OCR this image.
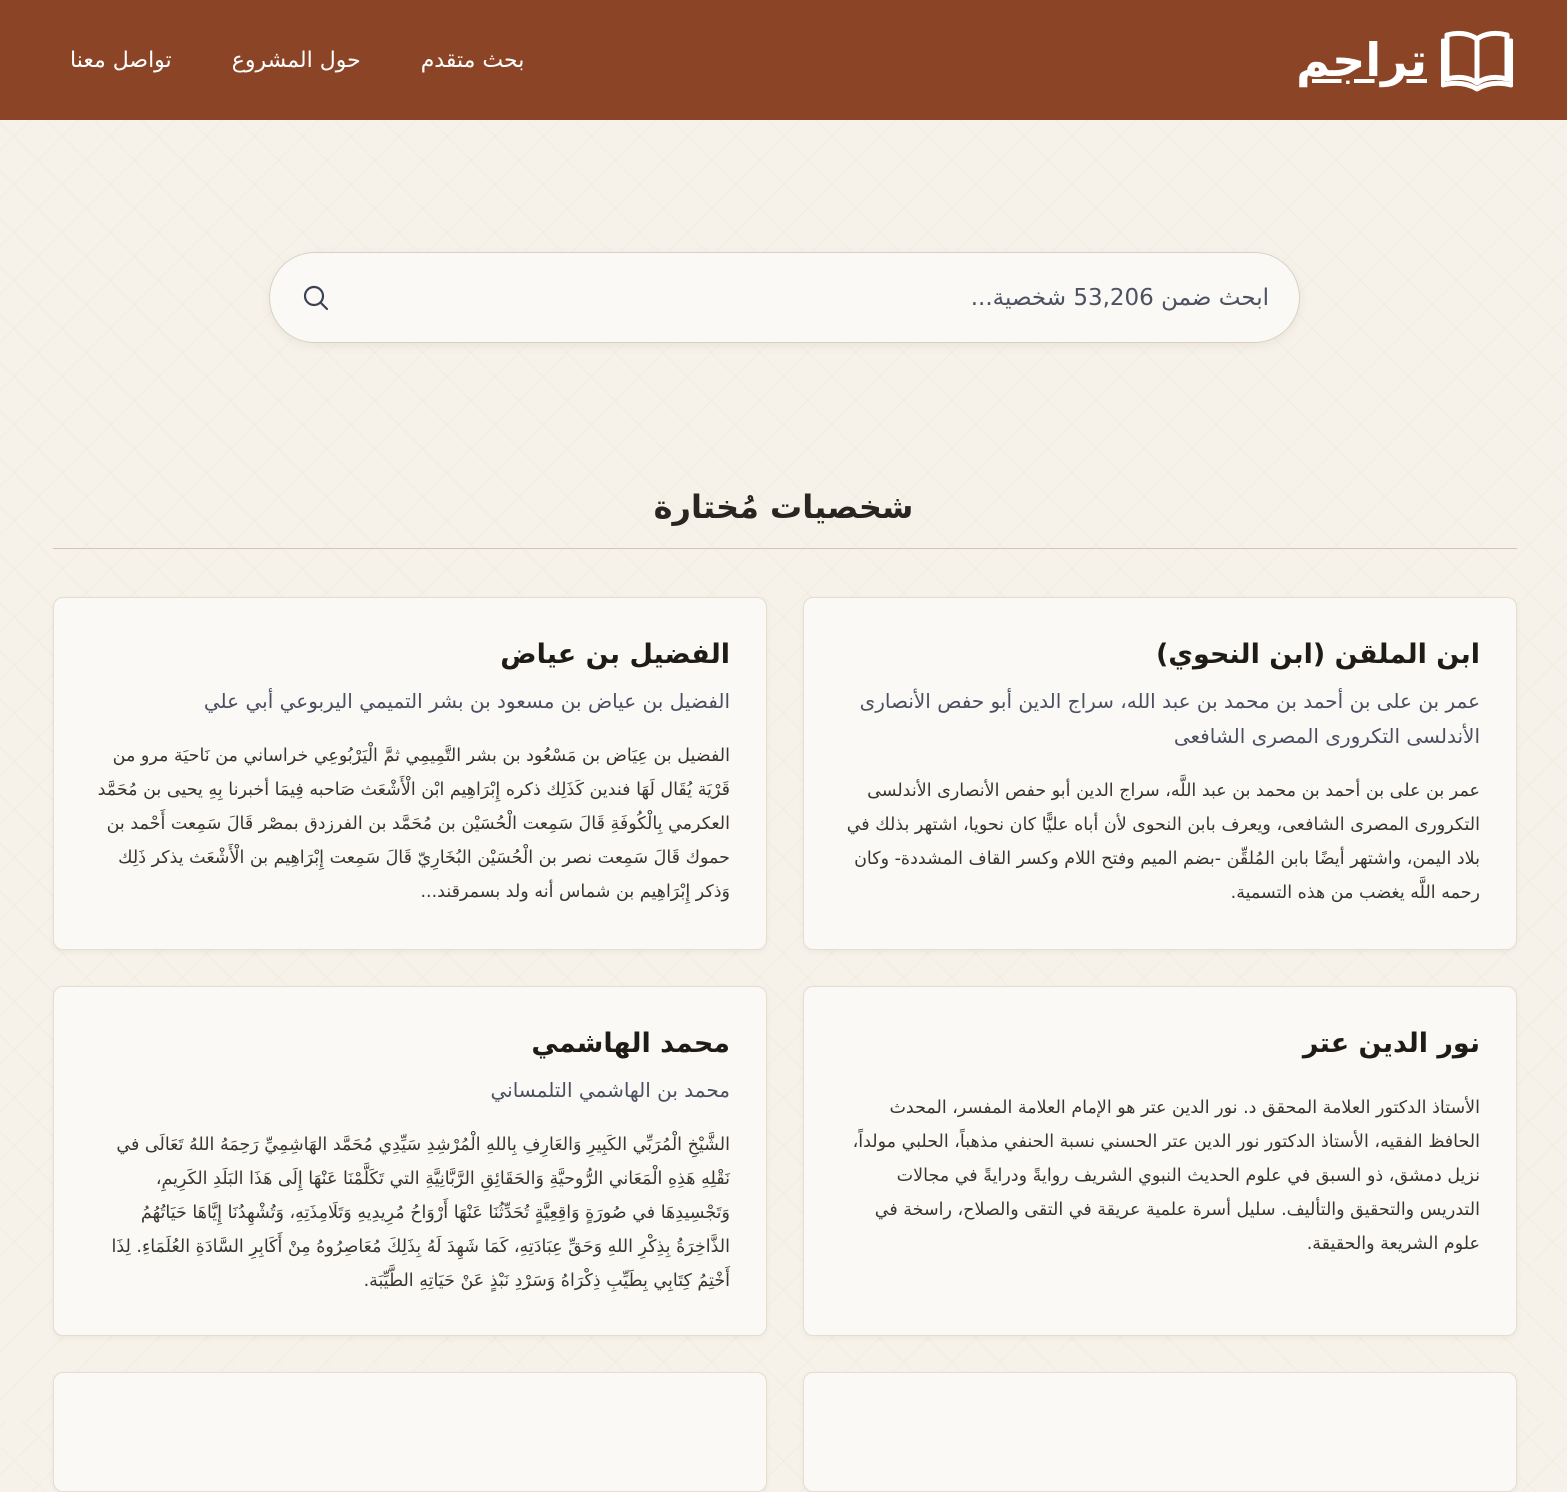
تراجم
بحث متقدم
حول المشروع
تواصل معنا
ابحث ضمن 53,206 شخصية...
شخصيات مُختارة
ابن الملقن (ابن النحوي)

عمر بن على بن أحمد بن محمد بن عبد الله، سراج الدين أبو حفص الأنصارى الأندلسى التكرورى المصرى الشافعى

عمر بن على بن أحمد بن محمد بن عبد اللَّه، سراج الدين أبو حفص الأنصارى الأندلسى التكرورى المصرى الشافعى، ويعرف بابن النحوى لأن أباه عليًّا كان نحويا، اشتهر بذلك في بلاد اليمن، واشتهر أيضًا بابن المُلقِّن -بضم الميم وفتح اللام وكسر القاف المشددة- وكان رحمه اللَّه يغضب من هذه التسمية.

الفضيل بن عياض

الفضيل بن عياض بن مسعود بن بشر التميمي اليربوعي أبي علي

الفضيل بن عِيَاض بن مَسْعُود بن بشر التَّمِيمِي ثمَّ الْيَرْبُوعِي خراساني من نَاحيَة مرو من قَرْيَة يُقَال لَهَا فندين كَذَلِك ذكره إِبْرَاهِيم ابْن الْأَشْعَث صَاحبه فِيمَا أخبرنا بِهِ يحيى بن مُحَمَّد العكرمي بِالْكُوفَةِ قَالَ سَمِعت الْحُسَيْن بن مُحَمَّد بن الفرزدق بمصْر قَالَ سَمِعت أَحْمد بن حموك قَالَ سَمِعت نصر بن الْحُسَيْن البُخَارِيّ قَالَ سَمِعت إِبْرَاهِيم بن الْأَشْعَث يذكر ذَلِك وَذكر إِبْرَاهِيم بن شماس أنه ولد بسمرقند...

نور الدين عتر

الأستاذ الدكتور العلامة المحقق د. نور الدين عتر هو الإمام العلامة المفسر، المحدث الحافظ الفقيه، الأستاذ الدكتور نور الدين عتر الحسني نسبة الحنفي مذهباً، الحلبي مولداً، نزيل دمشق، ذو السبق في علوم الحديث النبوي الشريف روايةً ودرايةً في مجالات التدريس والتحقيق والتأليف. سليل أسرة علمية عريقة في التقى والصلاح، راسخة في علوم الشريعة والحقيقة.

محمد الهاشمي

محمد بن الهاشمي التلمساني

الشَّيْخِ الْمُرَبِّي الكَبِيرِ وَالعَارِفِ بِاللهِ الْمُرْشِدِ سَيِّدِي مُحَمَّد الهَاشِمِيِّ رَحِمَهُ اللهُ تَعَالَى في نَقْلِهِ هَذِهِ الْمَعَاني الرُّوحيَّةِ وَالحَقَائِقِ الرَّبَّانِيَّةِ التي تَكَلَّمْنَا عَنْهَا إِلَى هَذَا البَلَدِ الكَرِيمِ، وَتَجْسِيدِهَا في صُورَةٍ وَاقِعِيَّةٍ تُحَدِّثُنَا عَنْهَا أَرْوَاحُ مُرِيدِيهِ وَتَلَامِذَتِهِ، وَتُشْهِدُنَا إِيَّاهَا حَيَاتُهُمُ الذَّاخِرَةُ بِذِكْرِ اللهِ وَحَقِّ عِبَادَتِهِ، كَمَا شَهِدَ لَهُ بِذَلِكَ مُعَاصِرُوهُ مِنْ أَكَابِرِ السَّادَةِ العُلَمَاءِ. لِذَا أَخْتِمُ كِتَابِي بِطَيِّبِ ذِكْرَاهُ وَسَرْدِ نَبْذٍ عَنْ حَيَاتِهِ الطَّيِّبَة.
